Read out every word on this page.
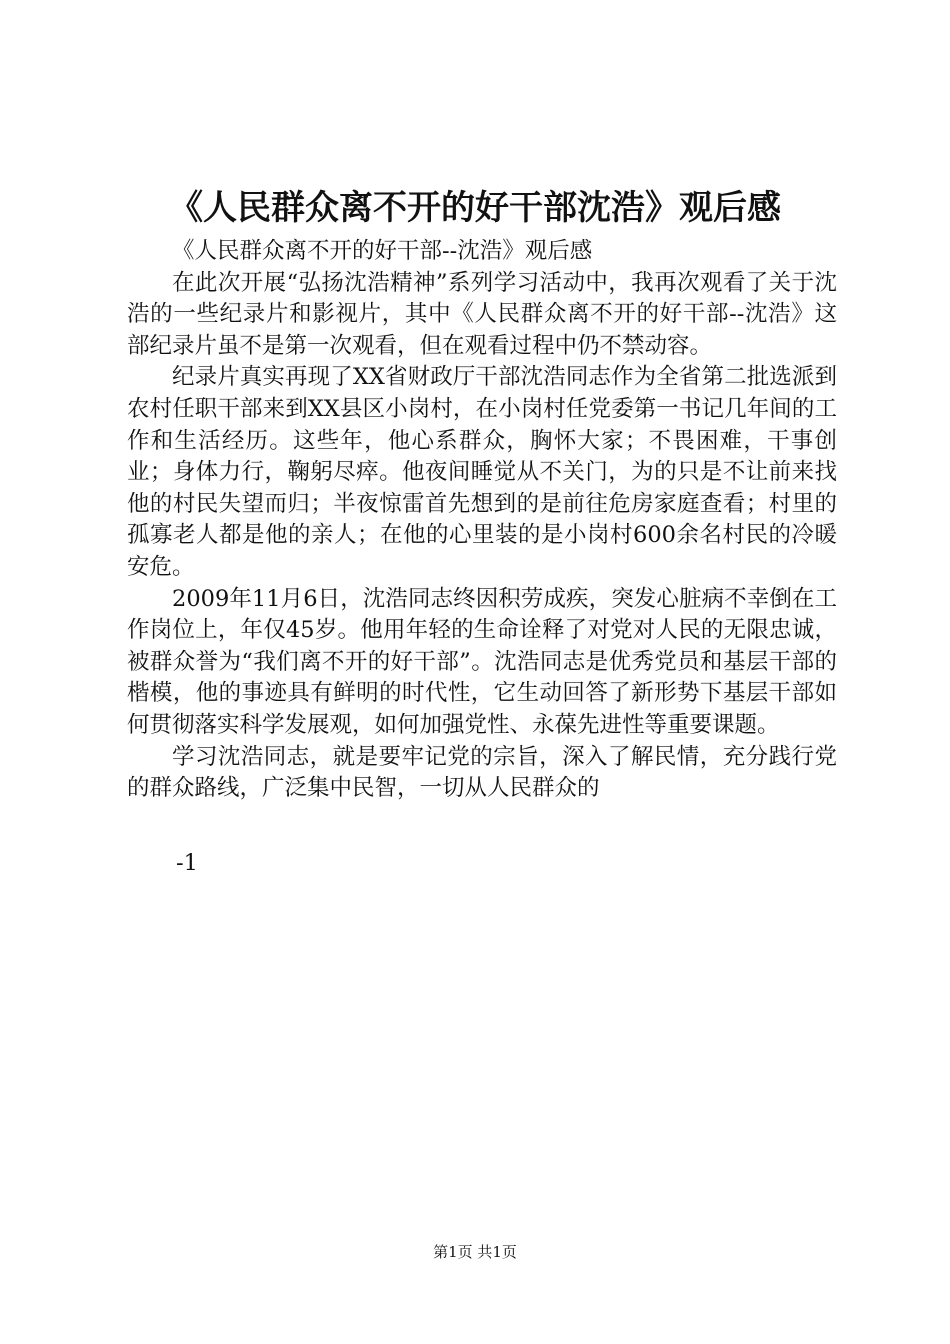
《人民群众离不开的好干部沈浩》观后感

《人民群众离不开的好干部--沈浩》观后感

在此次开展“弘扬沈浩精神”系列学习活动中，我再次观看了关于沈浩的一些纪录片和影视片，其中《人民群众离不开的好干部--沈浩》这部纪录片虽不是第一次观看，但在观看过程中仍不禁动容。

纪录片真实再现了XX省财政厅干部沈浩同志作为全省第二批选派到农村任职干部来到XX县区小岗村，在小岗村任党委第一书记几年间的工作和生活经历。这些年，他心系群众，胸怀大家；不畏困难，干事创业；身体力行，鞠躬尽瘁。他夜间睡觉从不关门，为的只是不让前来找他的村民失望而归；半夜惊雷首先想到的是前往危房家庭查看；村里的孤寡老人都是他的亲人；在他的心里装的是小岗村600余名村民的冷暖安危。

2009年11月6日，沈浩同志终因积劳成疾，突发心脏病不幸倒在工作岗位上，年仅45岁。他用年轻的生命诠释了对党对人民的无限忠诚，被群众誉为“我们离不开的好干部”。沈浩同志是优秀党员和基层干部的楷模，他的事迹具有鲜明的时代性，它生动回答了新形势下基层干部如何贯彻落实科学发展观，如何加强党性、永葆先进性等重要课题。

学习沈浩同志，就是要牢记党的宗旨，深入了解民情，充分践行党的群众路线，广泛集中民智，一切从人民群众的

-1
第1页 共1页
